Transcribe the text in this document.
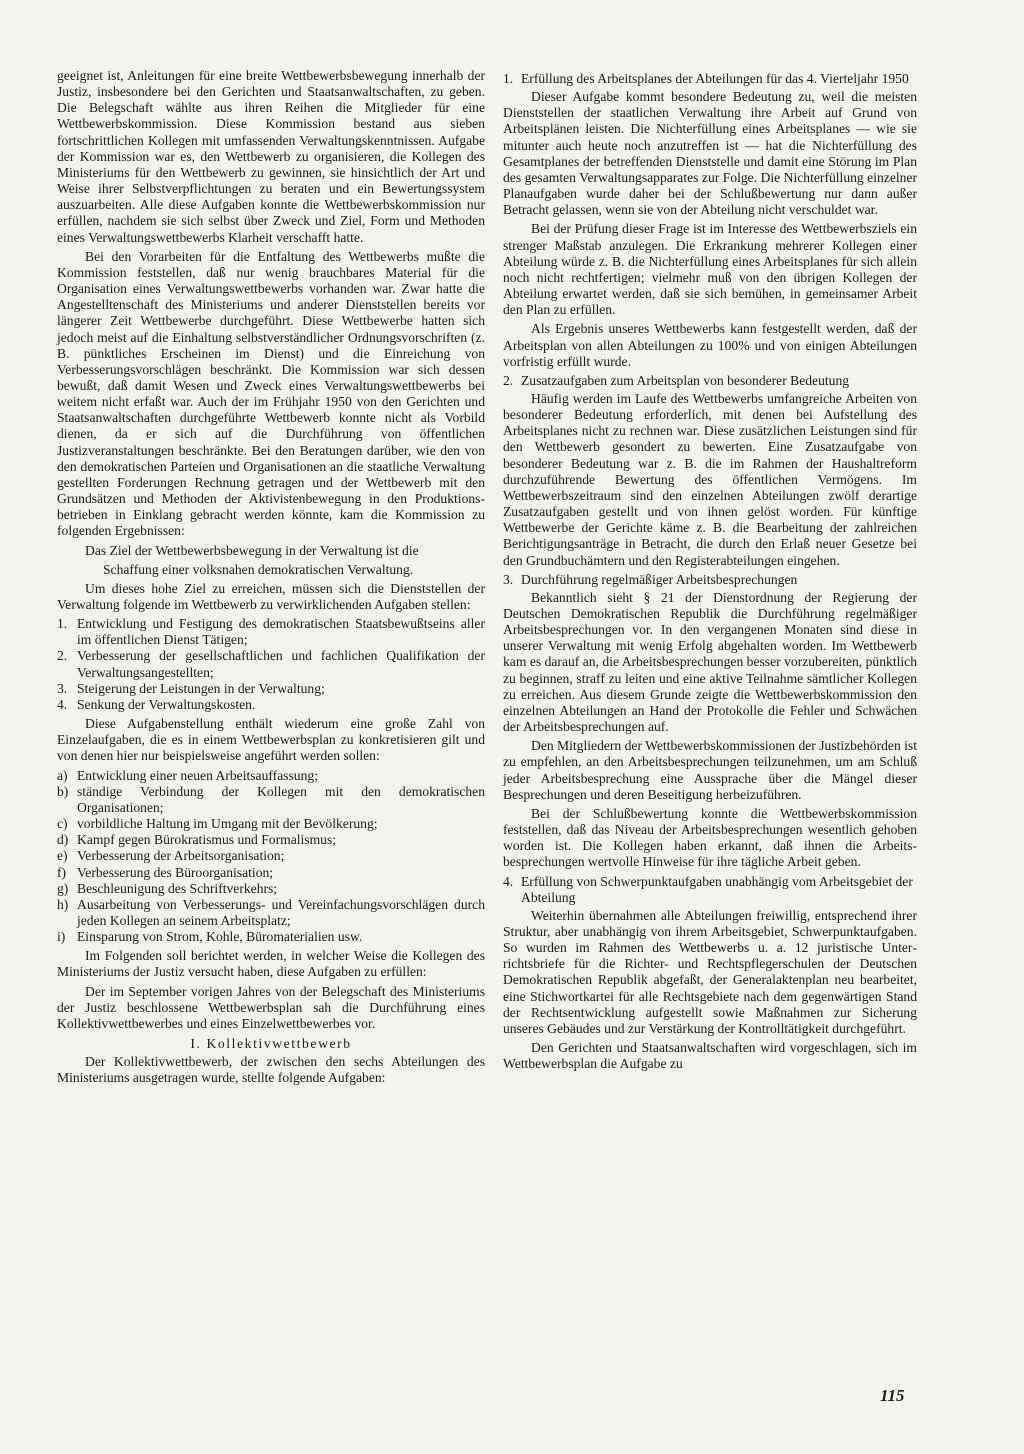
geeignet ist, Anleitungen für eine breite Wettbewerbsbewegung innerhalb der Justiz, insbesondere bei den Gerichten und Staatsanwaltschaften, zu geben. Die Belegschaft wählte aus ihren Reihen die Mitglieder für eine Wettbewerbskommission. Diese Kommission bestand aus sieben fortschrittlichen Kollegen mit umfassenden Verwaltungskenntnissen. Aufgabe der Kommission war es, den Wettbewerb zu organisieren, die Kollegen des Ministeriums für den Wettbewerb zu gewinnen, sie hinsichtlich der Art und Weise ihrer Selbstverpflichtungen zu beraten und ein Bewertungssystem auszuarbeiten. Alle diese Aufgaben konnte die Wettbewerbskommission nur erfüllen, nachdem sie sich selbst über Zweck und Ziel, Form und Methoden eines Verwaltungswettbewerbs Klarheit verschafft hatte.

Bei den Vorarbeiten für die Entfaltung des Wettbewerbs mußte die Kommission feststellen, daß nur wenig brauchbares Material für die Organisation eines Verwaltungswettbewerbs vorhanden war. Zwar hatte die Angestelltenschaft des Ministeriums und anderer Dienststellen bereits vor längerer Zeit Wettbewerbe durchgeführt. Diese Wettbewerbe hatten sich jedoch meist auf die Einhaltung selbstverständlicher Ordnungsvorschriften (z. B. pünktliches Erscheinen im Dienst) und die Einreichung von Verbesserungsvorschlägen beschränkt. Die Kommission war sich dessen bewußt, daß damit Wesen und Zweck eines Verwaltungswettbewerbs bei weitem nicht erfaßt war. Auch der im Frühjahr 1950 von den Gerichten und Staatsanwaltschaften durchgeführte Wettbewerb konnte nicht als Vorbild dienen, da er sich auf die Durchführung von öffentlichen Justizveranstaltungen beschränkte. Bei den Beratungen darüber, wie den von den demokratischen Parteien und Organisationen an die staatliche Verwaltung gestellten Forderungen Rechnung getragen und der Wettbewerb mit den Grundsätzen und Methoden der Aktivistenbewegung in den Produktionsbetrieben in Einklang gebracht werden könnte, kam die Kommission zu folgenden Ergebnissen:

Das Ziel der Wettbewerbsbewegung in der Verwaltung ist die

Schaffung einer volksnahen demokratischen Verwaltung.

Um dieses hohe Ziel zu erreichen, müssen sich die Dienststellen der Verwaltung folgende im Wettbewerb zu verwirklichenden Aufgaben stellen:

1. Entwicklung und Festigung des demokratischen Staatsbewußtseins aller im öffentlichen Dienst Tätigen;
2. Verbesserung der gesellschaftlichen und fachlichen Qualifikation der Verwaltungsangestellten;
3. Steigerung der Leistungen in der Verwaltung;
4. Senkung der Verwaltungskosten.

Diese Aufgabenstellung enthält wiederum eine große Zahl von Einzelaufgaben, die es in einem Wettbewerbsplan zu konkretisieren gilt und von denen hier nur beispielsweise angeführt werden sollen:

a) Entwicklung einer neuen Arbeitsauffassung;
b) ständige Verbindung der Kollegen mit den demokratischen Organisationen;
c) vorbildliche Haltung im Umgang mit der Bevölkerung;
d) Kampf gegen Bürokratismus und Formalismus;
e) Verbesserung der Arbeitsorganisation;
f) Verbesserung des Büroorganisation;
g) Beschleunigung des Schriftverkehrs;
h) Ausarbeitung von Verbesserungs- und Vereinfachungsvorschlägen durch jeden Kollegen an seinem Arbeitsplatz;
i) Einsparung von Strom, Kohle, Büromaterialien usw.

Im Folgenden soll berichtet werden, in welcher Weise die Kollegen des Ministeriums der Justiz versucht haben, diese Aufgaben zu erfüllen:

Der im September vorigen Jahres von der Belegschaft des Ministeriums der Justiz beschlossene Wettbewerbsplan sah die Durchführung eines Kollektivwettbewerbes und eines Einzelwettbewerbes vor.

I. Kollektivwettbewerb

Der Kollektivwettbewerb, der zwischen den sechs Abteilungen des Ministeriums ausgetragen wurde, stellte folgende Aufgaben:

1. Erfüllung des Arbeitsplanes der Abteilungen für das 4. Vierteljahr 1950

Dieser Aufgabe kommt besondere Bedeutung zu, weil die meisten Dienststellen der staatlichen Verwaltung ihre Arbeit auf Grund von Arbeitsplänen leisten. Die Nichterfüllung eines Arbeitsplanes — wie sie mitunter auch heute noch anzutreffen ist — hat die Nichterfüllung des Gesamtplanes der betreffenden Dienststelle und damit eine Störung im Plan des gesamten Verwaltungsapparates zur Folge. Die Nichterfüllung einzelner Planaufgaben wurde daher bei der Schlußbewertung nur dann außer Betracht gelassen, wenn sie von der Abteilung nicht verschuldet war.

Bei der Prüfung dieser Frage ist im Interesse des Wettbewerbsziels ein strenger Maßstab anzulegen. Die Erkrankung mehrerer Kollegen einer Abteilung würde z. B. die Nichterfüllung eines Arbeitsplanes für sich allein noch nicht rechtfertigen; vielmehr muß von den übrigen Kollegen der Abteilung erwartet werden, daß sie sich bemühen, in gemeinsamer Arbeit den Plan zu erfüllen.

Als Ergebnis unseres Wettbewerbs kann festgestellt werden, daß der Arbeitsplan von allen Abteilungen zu 100% und von einigen Abteilungen vorfristig erfüllt wurde.

2. Zusatzaufgaben zum Arbeitsplan von besonderer Bedeutung

Häufig werden im Laufe des Wettbewerbs umfangreiche Arbeiten von besonderer Bedeutung erforderlich, mit denen bei Aufstellung des Arbeitsplanes nicht zu rechnen war. Diese zusätzlichen Leistungen sind für den Wettbewerb gesondert zu bewerten. Eine Zusatzaufgabe von besonderer Bedeutung war z. B. die im Rahmen der Haushaltreform durchzuführende Bewertung des öffentlichen Vermögens. Im Wettbewerbszeitraum sind den einzelnen Abteilungen zwölf derartige Zusatzaufgaben gestellt und von ihnen gelöst worden. Für künftige Wettbewerbe der Gerichte käme z. B. die Bearbeitung der zahlreichen Berichtigungsanträge in Betracht, die durch den Erlaß neuer Gesetze bei den Grundbuchämtern und den Registerabteilungen eingehen.

3. Durchführung regelmäßiger Arbeitsbesprechungen

Bekanntlich sieht § 21 der Dienstordnung der Regierung der Deutschen Demokratischen Republik die Durchführung regelmäßiger Arbeitsbesprechungen vor. In den vergangenen Monaten sind diese in unserer Verwaltung mit wenig Erfolg abgehalten worden. Im Wettbewerb kam es darauf an, die Arbeitsbesprechungen besser vorzubereiten, pünktlich zu beginnen, straff zu leiten und eine aktive Teilnahme sämtlicher Kollegen zu erreichen. Aus diesem Grunde zeigte die Wettbewerbskommission den einzelnen Abteilungen an Hand der Protokolle die Fehler und Schwächen der Arbeitsbesprechungen auf.

Den Mitgliedern der Wettbewerbskommissionen der Justizbehörden ist zu empfehlen, an den Arbeitsbesprechungen teilzunehmen, um am Schluß jeder Arbeitsbesprechung eine Aussprache über die Mängel dieser Besprechungen und deren Beseitigung herbeizuführen.

Bei der Schlußbewertung konnte die Wettbewerbskommission feststellen, daß das Niveau der Arbeitsbesprechungen wesentlich gehoben worden ist. Die Kollegen haben erkannt, daß ihnen die Arbeitsbesprechungen wertvolle Hinweise für ihre tägliche Arbeit geben.

4. Erfüllung von Schwerpunktaufgaben unabhängig vom Arbeitsgebiet der Abteilung

Weiterhin übernahmen alle Abteilungen freiwillig, entsprechend ihrer Struktur, aber unabhängig von ihrem Arbeitsgebiet, Schwerpunktaufgaben. So wurden im Rahmen des Wettbewerbs u. a. 12 juristische Unterrichtsbriefe für die Richter- und Rechtspflegerschulen der Deutschen Demokratischen Republik abgefaßt, der Generalaktenplan neu bearbeitet, eine Stichwortkartei für alle Rechtsgebiete nach dem gegenwärtigen Stand der Rechtsentwicklung aufgestellt sowie Maßnahmen zur Sicherung unseres Gebäudes und zur Verstärkung der Kontrolltätigkeit durchgeführt.

Den Gerichten und Staatsanwaltschaften wird vorgeschlagen, sich im Wettbewerbsplan die Aufgabe zu

115
